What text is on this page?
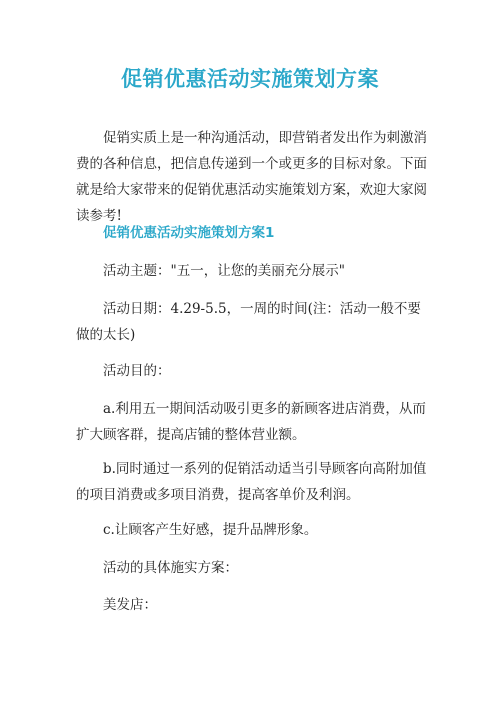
促销优惠活动实施策划方案

促销实质上是一种沟通活动，即营销者发出作为刺激消费的各种信息，把信息传递到一个或更多的目标对象。下面就是给大家带来的促销优惠活动实施策划方案，欢迎大家阅读参考!

促销优惠活动实施策划方案1
活动主题："五一，让您的美丽充分展示"

活动日期：4.29-5.5，一周的时间(注：活动一般不要做的太长)

活动目的：

a.利用五一期间活动吸引更多的新顾客进店消费，从而扩大顾客群，提高店铺的整体营业额。

b.同时通过一系列的促销活动适当引导顾客向高附加值的项目消费或多项目消费，提高客单价及利润。

c.让顾客产生好感，提升品牌形象。
活动的具体施实方案：
美发店：
